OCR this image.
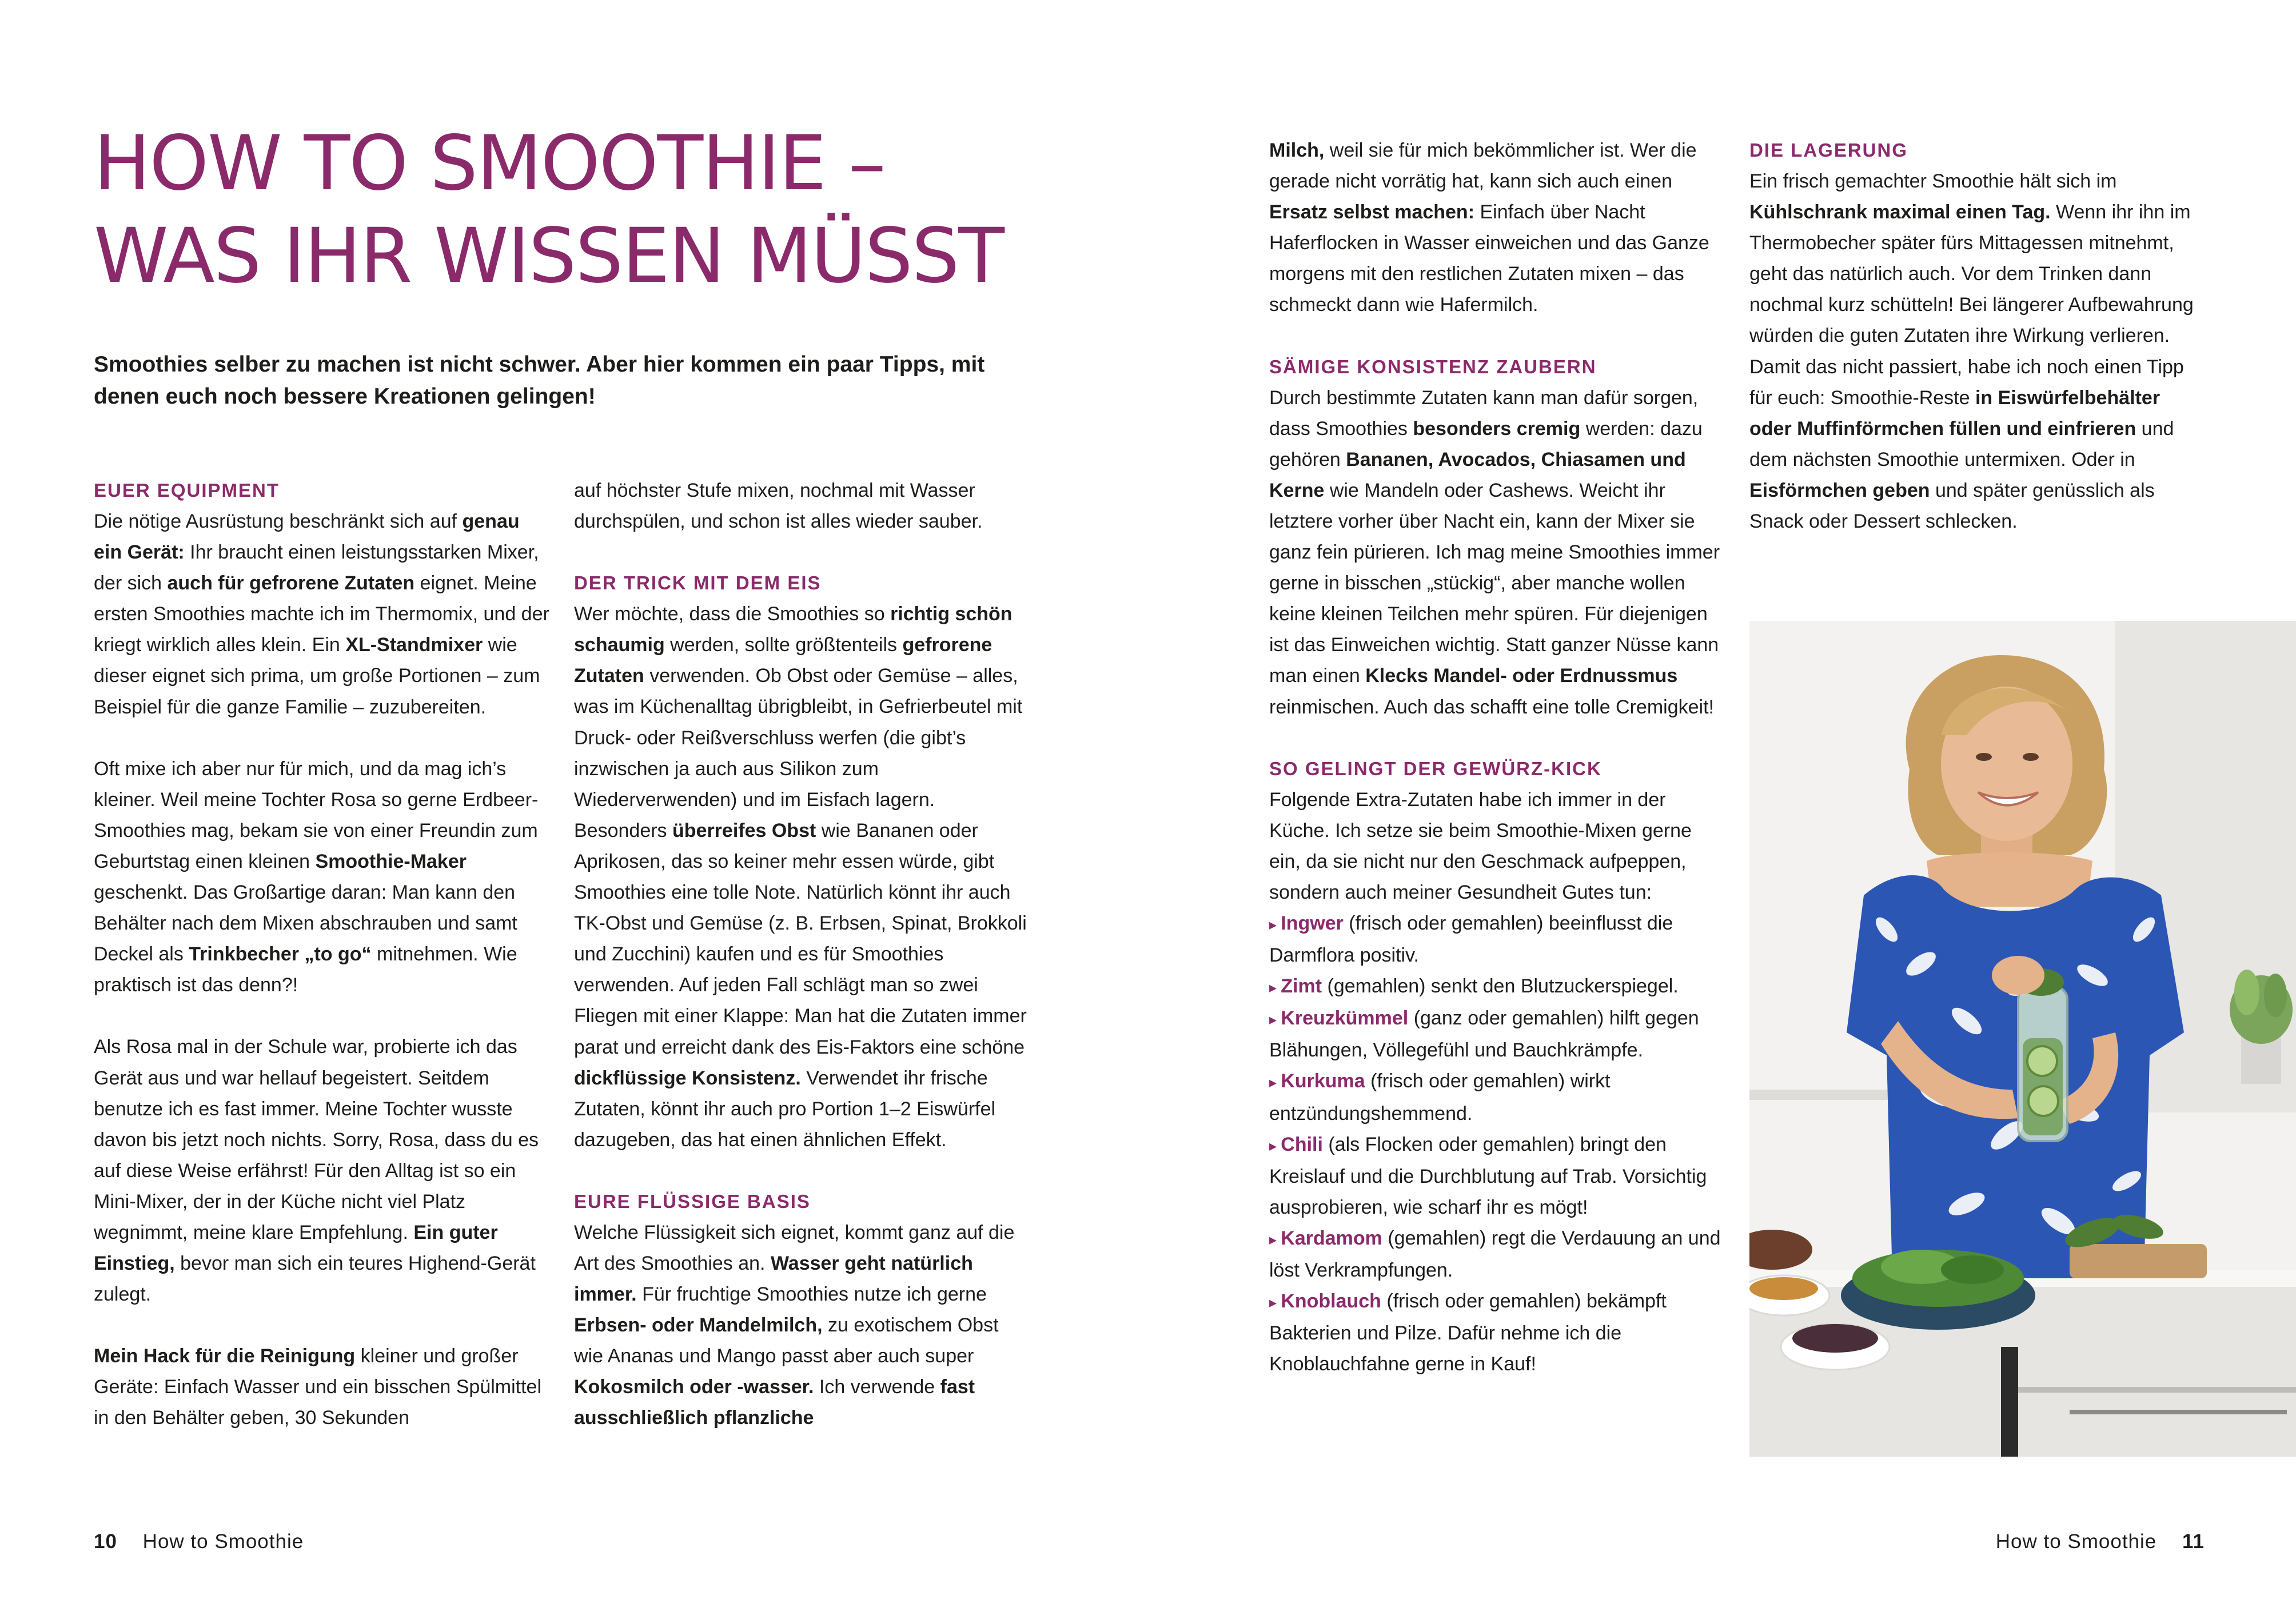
HOW TO SMOOTHIE –
WAS IHR WISSEN MÜSST

Smoothies selber zu machen ist nicht schwer. Aber hier kommen ein paar Tipps, mit denen euch noch bessere Kreationen gelingen!

EUER EQUIPMENT

Die nötige Ausrüstung beschränkt sich auf genau ein Gerät: Ihr braucht einen leistungsstarken Mixer, der sich auch für gefrorene Zutaten eignet. Meine ersten Smoothies machte ich im Thermomix, und der kriegt wirklich alles klein. Ein XL-Standmixer wie dieser eignet sich prima, um große Portionen – zum Beispiel für die ganze Familie – zuzubereiten.

Oft mixe ich aber nur für mich, und da mag ich’s kleiner. Weil meine Tochter Rosa so gerne Erdbeer-Smoothies mag, bekam sie von einer Freundin zum Geburtstag einen kleinen Smoothie-Maker geschenkt. Das Großartige daran: Man kann den Behälter nach dem Mixen abschrauben und samt Deckel als Trinkbecher „to go“ mitnehmen. Wie praktisch ist das denn?!

Als Rosa mal in der Schule war, probierte ich das Gerät aus und war hellauf begeistert. Seitdem benutze ich es fast immer. Meine Tochter wusste davon bis jetzt noch nichts. Sorry, Rosa, dass du es auf diese Weise erfährst! Für den Alltag ist so ein Mini-Mixer, der in der Küche nicht viel Platz wegnimmt, meine klare Empfehlung. Ein guter Einstieg, bevor man sich ein teures Highend-Gerät zulegt.

Mein Hack für die Reinigung kleiner und großer Geräte: Einfach Wasser und ein bisschen Spülmittel in den Behälter geben, 30 Sekunden

auf höchster Stufe mixen, nochmal mit Wasser durchspülen, und schon ist alles wieder sauber.

DER TRICK MIT DEM EIS

Wer möchte, dass die Smoothies so richtig schön schaumig werden, sollte größtenteils gefrorene Zutaten verwenden. Ob Obst oder Gemüse – alles, was im Küchenalltag übrigbleibt, in Gefrierbeutel mit Druck- oder Reißverschluss werfen (die gibt’s inzwischen ja auch aus Silikon zum Wiederverwenden) und im Eisfach lagern. Besonders überreifes Obst wie Bananen oder Aprikosen, das so keiner mehr essen würde, gibt Smoothies eine tolle Note. Natürlich könnt ihr auch TK-Obst und Gemüse (z. B. Erbsen, Spinat, Brokkoli und Zucchini) kaufen und es für Smoothies verwenden. Auf jeden Fall schlägt man so zwei Fliegen mit einer Klappe: Man hat die Zutaten immer parat und erreicht dank des Eis-Faktors eine schöne dickflüssige Konsistenz. Verwendet ihr frische Zutaten, könnt ihr auch pro Portion 1–2 Eiswürfel dazugeben, das hat einen ähnlichen Effekt.

EURE FLÜSSIGE BASIS

Welche Flüssigkeit sich eignet, kommt ganz auf die Art des Smoothies an. Wasser geht natürlich immer. Für fruchtige Smoothies nutze ich gerne Erbsen- oder Mandelmilch, zu exotischem Obst wie Ananas und Mango passt aber auch super Kokosmilch oder -wasser. Ich verwende fast ausschließlich pflanzliche

10 How to Smoothie

Milch, weil sie für mich bekömmlicher ist. Wer die gerade nicht vorrätig hat, kann sich auch einen Ersatz selbst machen: Einfach über Nacht Haferflocken in Wasser einweichen und das Ganze morgens mit den restlichen Zutaten mixen – das schmeckt dann wie Hafermilch.

SÄMIGE KONSISTENZ ZAUBERN

Durch bestimmte Zutaten kann man dafür sorgen, dass Smoothies besonders cremig werden: dazu gehören Bananen, Avocados, Chiasamen und Kerne wie Mandeln oder Cashews. Weicht ihr letztere vorher über Nacht ein, kann der Mixer sie ganz fein pürieren. Ich mag meine Smoothies immer gerne in bisschen „stückig“, aber manche wollen keine kleinen Teilchen mehr spüren. Für diejenigen ist das Einweichen wichtig. Statt ganzer Nüsse kann man einen Klecks Mandel- oder Erdnussmus reinmischen. Auch das schafft eine tolle Cremigkeit!

SO GELINGT DER GEWÜRZ-KICK

Folgende Extra-Zutaten habe ich immer in der Küche. Ich setze sie beim Smoothie-Mixen gerne ein, da sie nicht nur den Geschmack aufpeppen, sondern auch meiner Gesundheit Gutes tun:

▸ Ingwer (frisch oder gemahlen) beeinflusst die Darmflora positiv.
▸ Zimt (gemahlen) senkt den Blutzuckerspiegel.
▸ Kreuzkümmel (ganz oder gemahlen) hilft gegen Blähungen, Völlegefühl und Bauchkrämpfe.
▸ Kurkuma (frisch oder gemahlen) wirkt entzündungshemmend.
▸ Chili (als Flocken oder gemahlen) bringt den Kreislauf und die Durchblutung auf Trab. Vorsichtig ausprobieren, wie scharf ihr es mögt!
▸ Kardamom (gemahlen) regt die Verdauung an und löst Verkrampfungen.
▸ Knoblauch (frisch oder gemahlen) bekämpft Bakterien und Pilze. Dafür nehme ich die Knoblauchfahne gerne in Kauf!
DIE LAGERUNG

Ein frisch gemachter Smoothie hält sich im Kühlschrank maximal einen Tag. Wenn ihr ihn im Thermobecher später fürs Mittagessen mitnehmt, geht das natürlich auch. Vor dem Trinken dann nochmal kurz schütteln! Bei längerer Aufbewahrung würden die guten Zutaten ihre Wirkung verlieren. Damit das nicht passiert, habe ich noch einen Tipp für euch: Smoothie-Reste in Eiswürfelbehälter oder Muffinförmchen füllen und einfrieren und dem nächsten Smoothie untermixen. Oder in Eisförmchen geben und später genüsslich als Snack oder Dessert schlecken.

How to Smoothie 11
